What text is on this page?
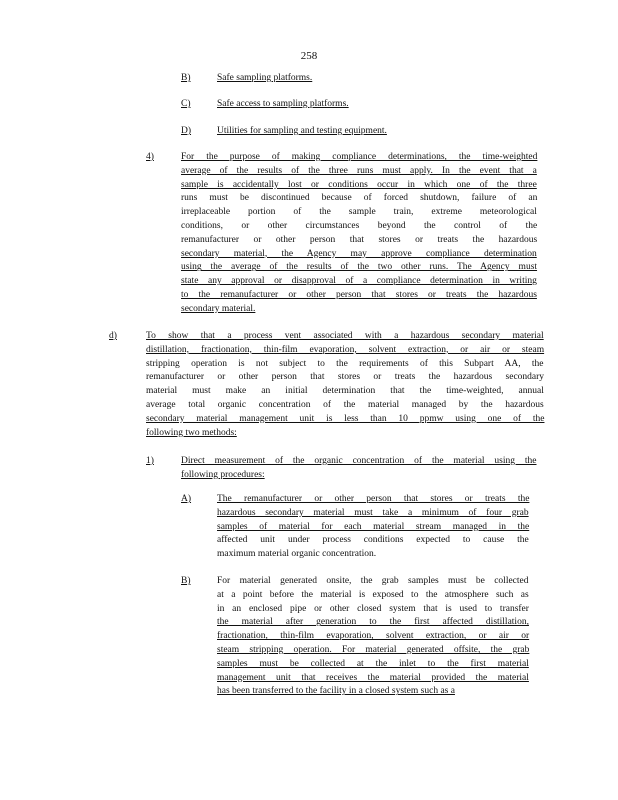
258
B)	Safe sampling platforms.
C)	Safe access to sampling platforms.
D)	Utilities for sampling and testing equipment.
4)	For the purpose of making compliance determinations, the time-weighted
average of the results of the three runs must apply. In the event that a
sample is accidentally lost or conditions occur in which one of the three
runs must be discontinued because of forced shutdown, failure of an
irreplaceable portion of the sample train, extreme meteorological
conditions, or other circumstances beyond the control of the
remanufacturer or other person that stores or treats the hazardous
secondary material, the Agency may approve compliance determination
using the average of the results of the two other runs. The Agency must
state any approval or disapproval of a compliance determination in writing
to the remanufacturer or other person that stores or treats the hazardous
secondary material.
d)	To show that a process vent associated with a hazardous secondary material
distillation, fractionation, thin-film evaporation, solvent extraction, or air or steam
stripping operation is not subject to the requirements of this Subpart AA, the
remanufacturer or other person that stores or treats the hazardous secondary
material must make an initial determination that the time-weighted, annual
average total organic concentration of the material managed by the hazardous
secondary material management unit is less than 10 ppmw using one of the
following two methods:
1)	Direct measurement of the organic concentration of the material using the
following procedures:
A)	The remanufacturer or other person that stores or treats the
hazardous secondary material must take a minimum of four grab
samples of material for each material stream managed in the
affected unit under process conditions expected to cause the
maximum material organic concentration.
B)	For material generated onsite, the grab samples must be collected
at a point before the material is exposed to the atmosphere such as
in an enclosed pipe or other closed system that is used to transfer
the material after generation to the first affected distillation,
fractionation, thin-film evaporation, solvent extraction, or air or
steam stripping operation. For material generated offsite, the grab
samples must be collected at the inlet to the first material
management unit that receives the material provided the material
has been transferred to the facility in a closed system such as a
